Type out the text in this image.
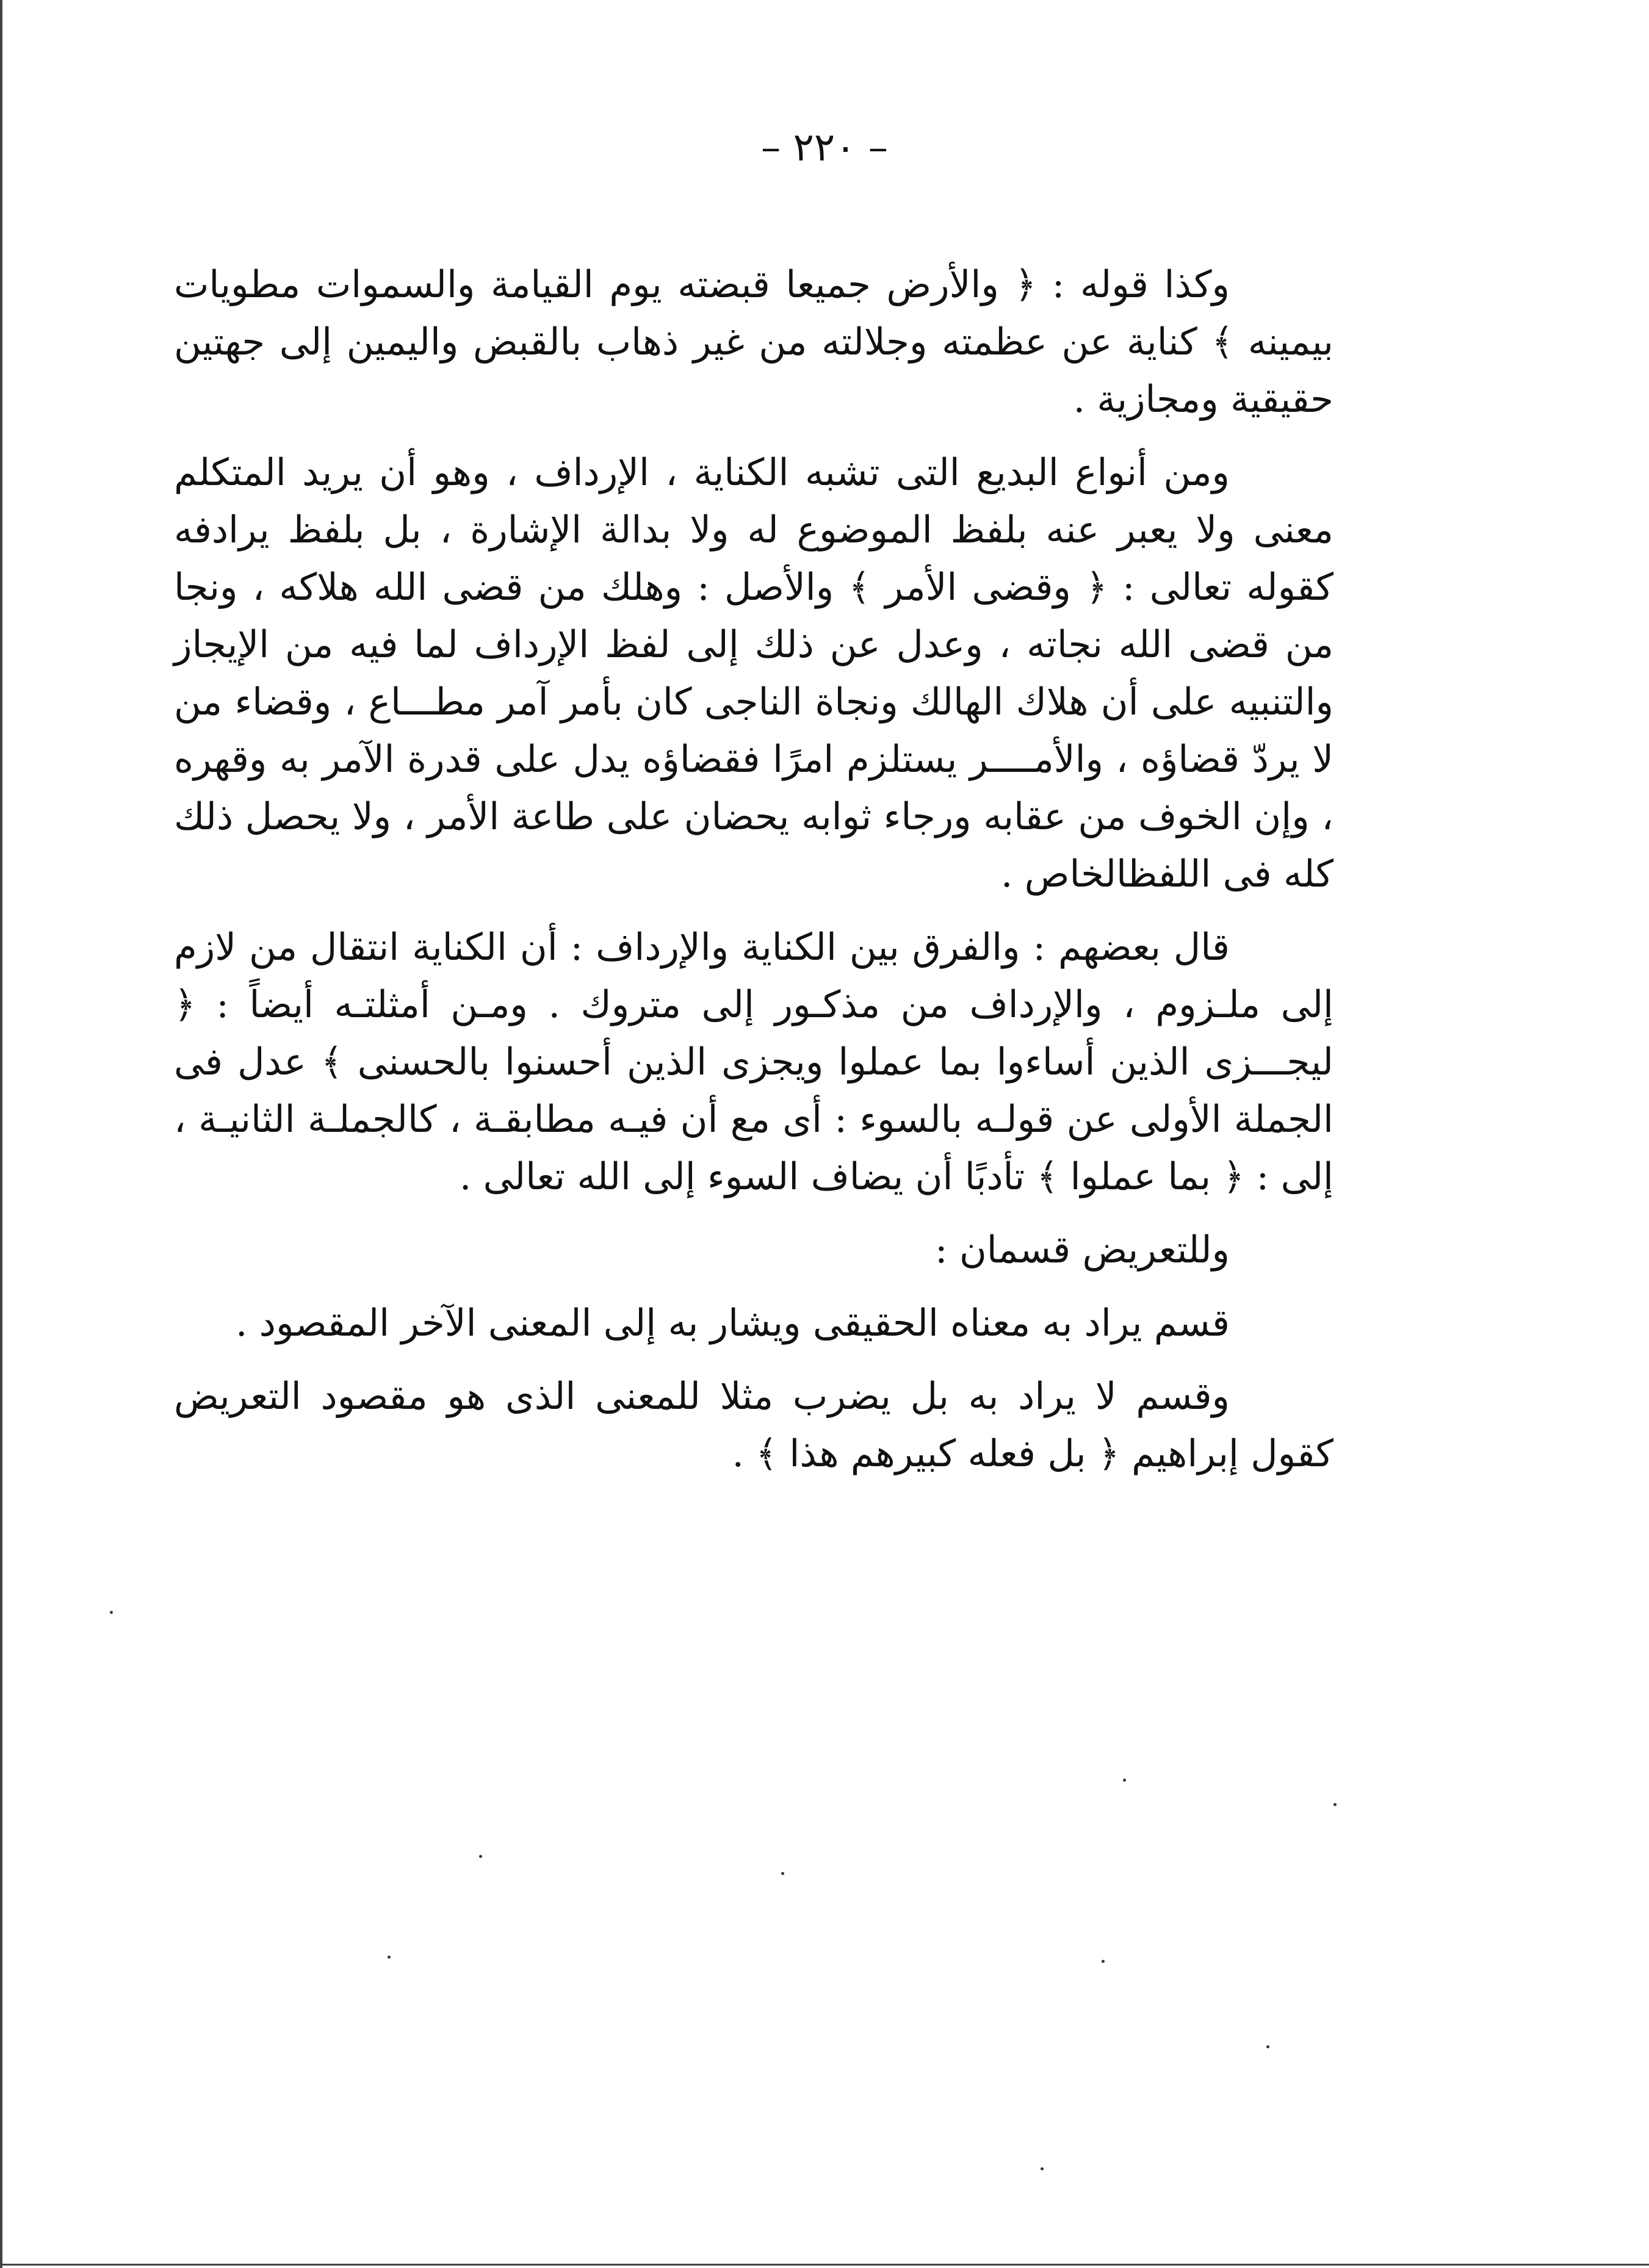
– ٢٢٠ –

وكذا قوله : ﴿ والأرض جميعا قبضته يوم القيامة والسموات مطويات بيمينه ﴾ كناية عن عظمته وجلالته من غير ذهاب بالقبض واليمين إلى جهتين حقيقية ومجازية .

ومن أنواع البديع التى تشبه الكناية ، الإرداف ، وهو أن يريد المتكلم معنى ولا يعبر عنه بلفظ الموضوع له ولا بدالة الإشارة ، بل بلفظ يرادفه كقوله تعالى : ﴿ وقضى الأمر ﴾ والأصل : وهلك من قضى الله هلاكه ، ونجا من قضى الله نجاته ، وعدل عن ذلك إلى لفظ الإرداف لما فيه من الإيجاز والتنبيه على أن هلاك الهالك ونجاة الناجى كان بأمر آمر مطـــاع ، وقضاء من لا يردّ قضاؤه ، والأمــــر يستلزم امرًا فقضاؤه يدل على قدرة الآمر به وقهره ، وإن الخوف من عقابه ورجاء ثوابه يحضان على طاعة الأمر ، ولا يحصل ذلك كله فى اللفظالخاص .

قال بعضهم : والفرق بين الكناية والإرداف : أن الكناية انتقال من لازم إلى ملـزوم ، والإرداف من مذكـور إلى متروك . ومـن أمثلتـه أيضاً : ﴿ ليجـــزى الذين أساءوا بما عملوا ويجزى الذين أحسنوا بالحسنى ﴾ عدل فى الجملة الأولى عن قولـه بالسوء : أى مع أن فيـه مطابقـة ، كالجملـة الثانيـة ، إلى : ﴿ بما عملوا ﴾ تأدبًا أن يضاف السوء إلى الله تعالى .

وللتعريض قسمان :

قسم يراد به معناه الحقيقى ويشار به إلى المعنى الآخر المقصود .

وقسم لا يراد به بل يضرب مثلا للمعنى الذى هو مقصود التعريض كقول إبراهيم ﴿ بل فعله كبيرهم هذا ﴾ .
